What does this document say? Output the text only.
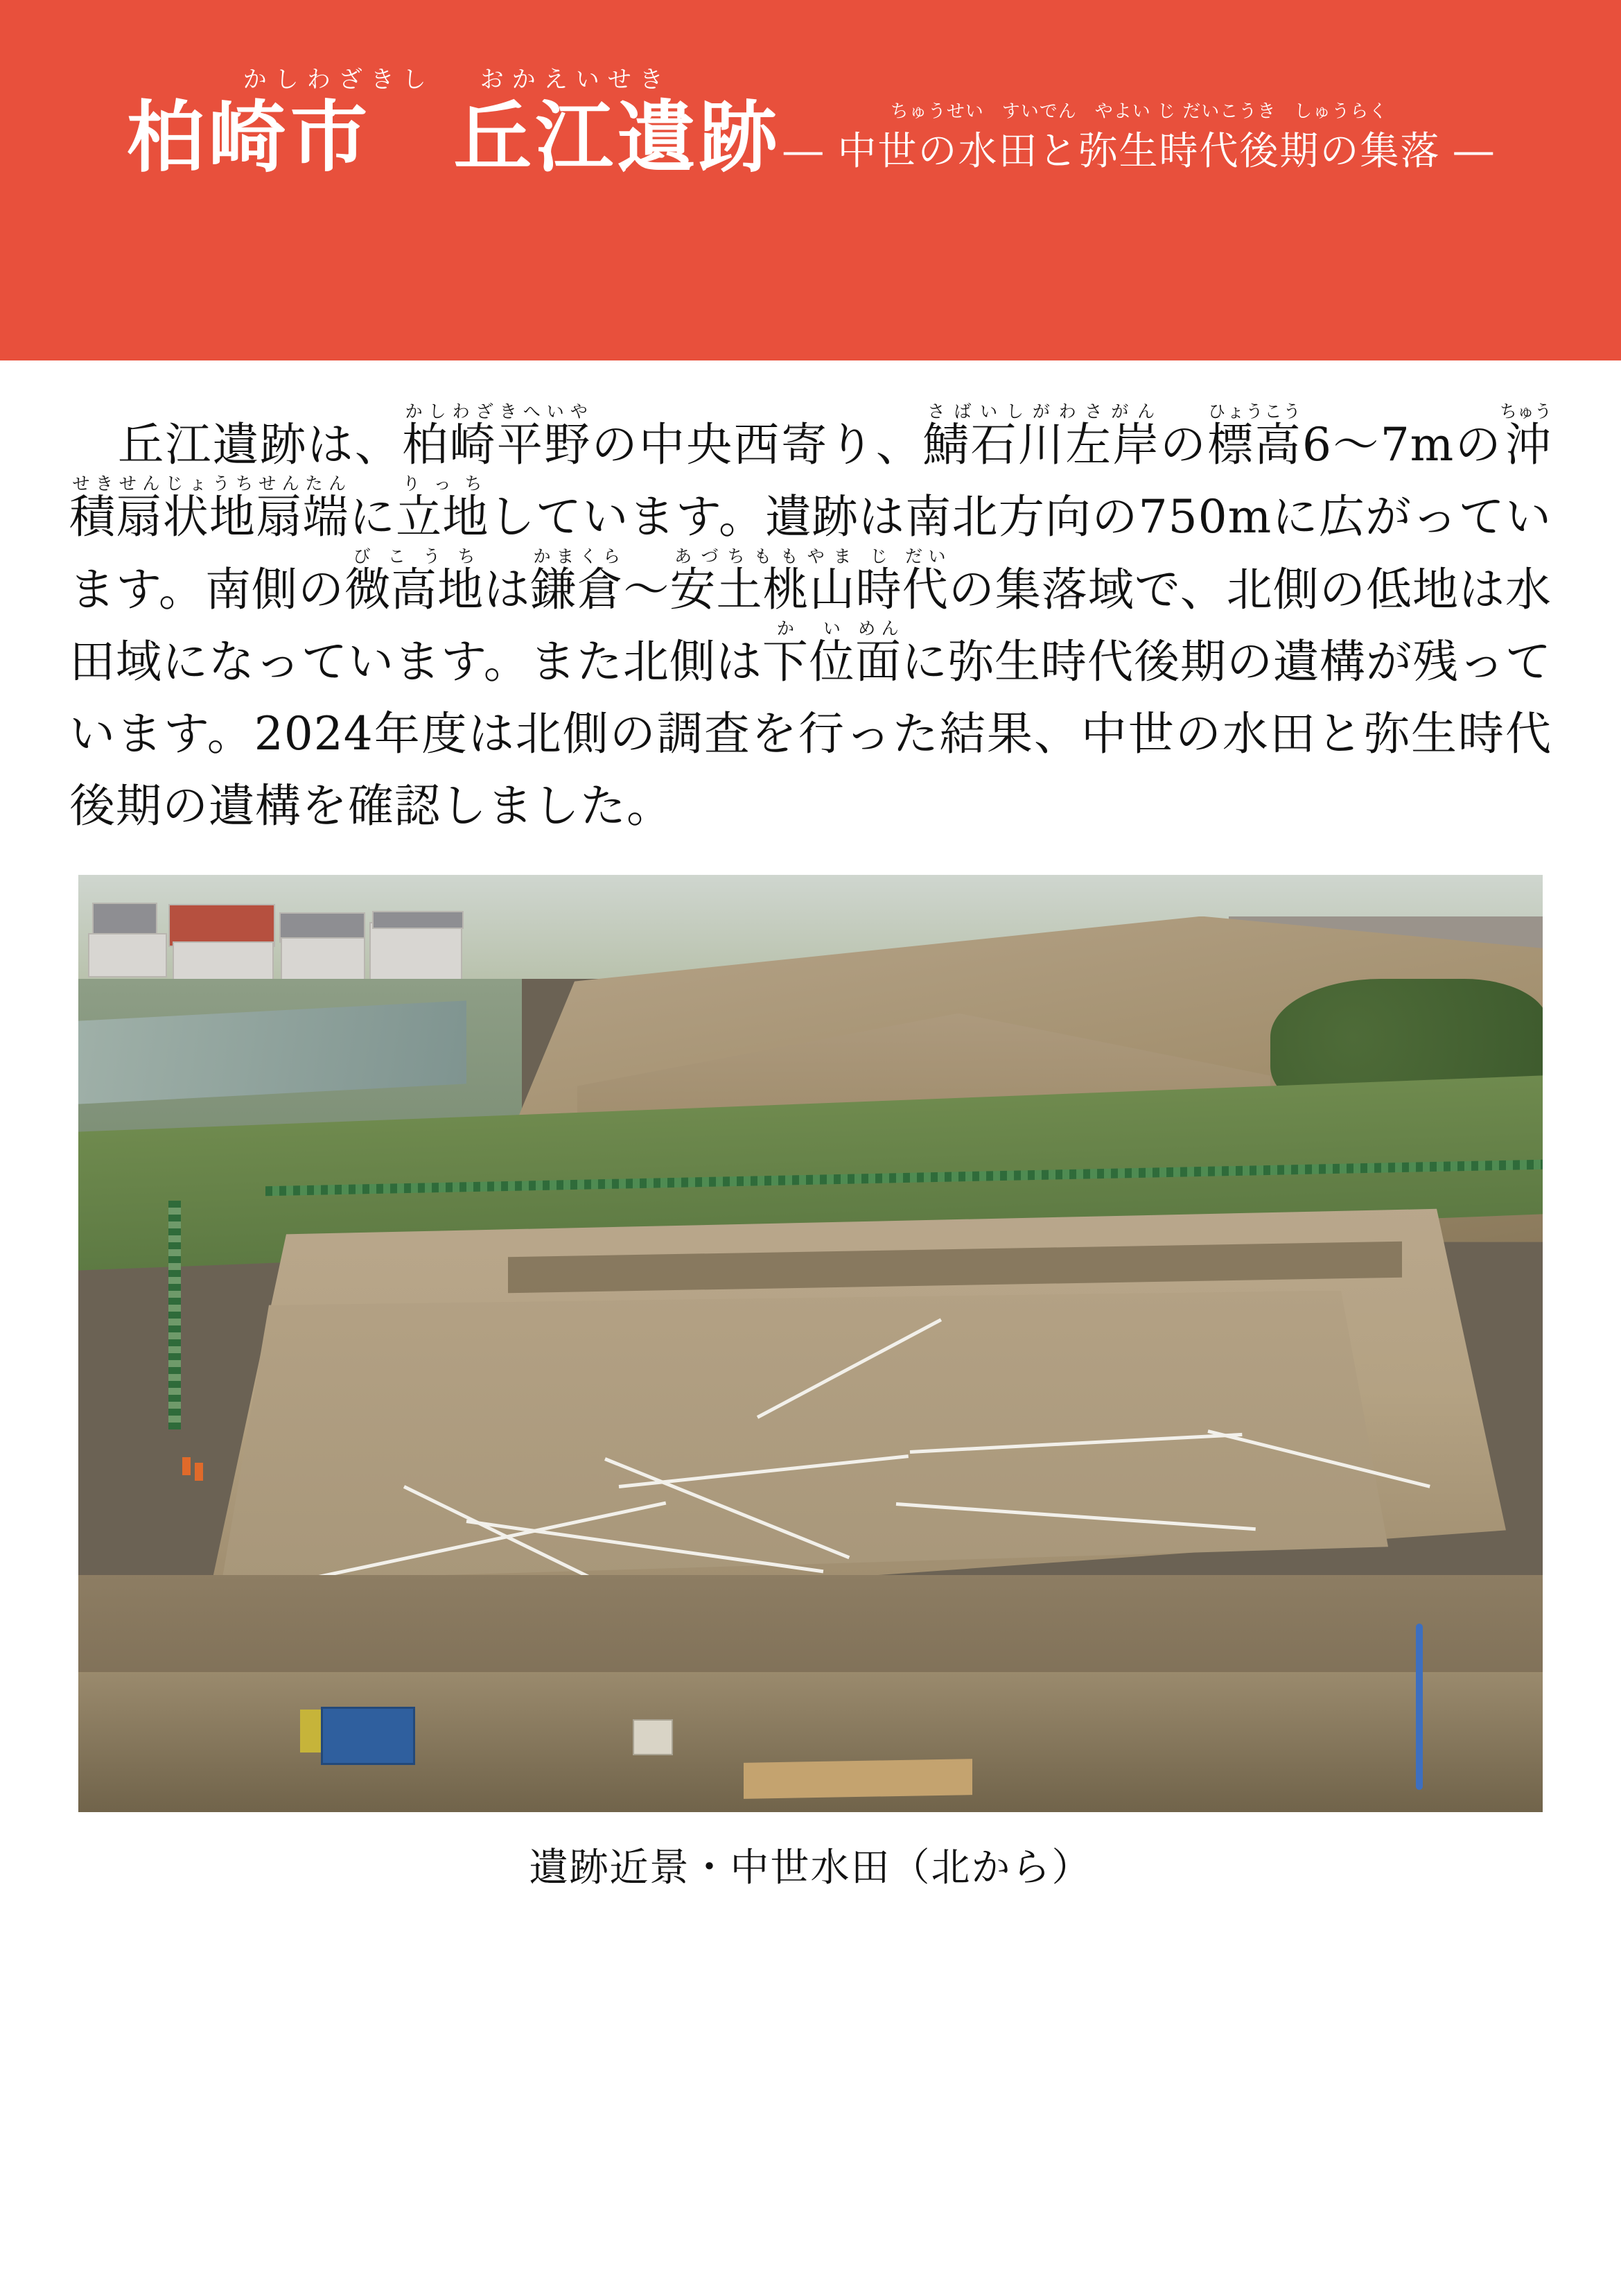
か し わ ざ き し お か え い せ き
柏崎市　丘江遺跡
	ちゅうせい すいでん やよい じ だいこうき しゅうらく
― 中世の水田と弥生時代後期の集落 ―

丘江遺跡は、柏崎平野かしわざきへいやの中央西寄り、鯖石川左岸さばいしがわさがんの標高ひょうこう6〜7mの沖積扇状地扇端ちゅうせきせんじょうちせんたんに立地りっちしています。遺跡は南北方向の750mに広がっています。南側の微高地びこうちは鎌倉かまくら〜安土桃山あづちももやま時じ代だいの集落域で、北側の低地は水田域になっています。また北側は下か位い面めんに弥生時代後期の遺構が残っています。2024年度は北側の調査を行った結果、中世の水田と弥生時代後期の遺構を確認しました。

遺跡近景・中世水田（北から）
